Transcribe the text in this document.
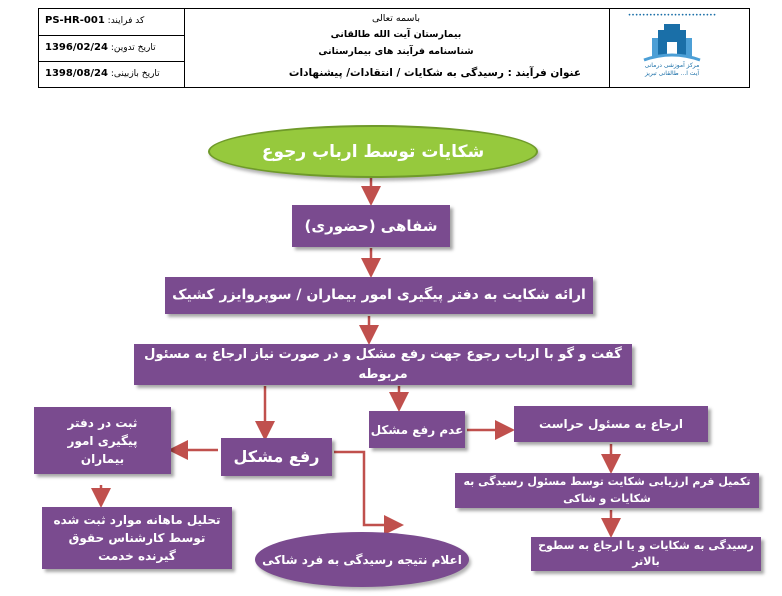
کد فرایند: PS-HR-001
تاریخ تدوین: 1396/02/24
تاریخ بازبینی: 1398/08/24
باسمه تعالی
بیمارستان آیت الله طالقانی
شناسنامه فرآیند های بیمارستانی
عنوان فرآیند : رسیدگی به شکایات / انتقادات/ پیشنهادات
•••••••••••••••••••••••••
مرکز آموزشی درمانی
آیت ا... طالقانی تبریز
شکایات توسط ارباب رجوع
شفاهی (حضوری)
ارائه شکایت به دفتر پیگیری امور بیماران / سوپروایزر کشیک
گفت و گو با ارباب رجوع جهت رفع مشکل و در صورت نیاز ارجاع به مسئول مربوطه
ثبت در دفتر پیگیری امور بیماران	رفع مشکل
عدم رفع مشکل	ارجاع به مسئول حراست
تکمیل فرم ارزیابی شکایت توسط مسئول رسیدگی به شکایات و شاکی
تحلیل ماهانه موارد ثبت شده توسط کارشناس حقوق گیرنده خدمت	اعلام نتیجه رسیدگی به فرد شاکی
رسیدگی به شکایات و یا ارجاع به سطوح بالاتر
